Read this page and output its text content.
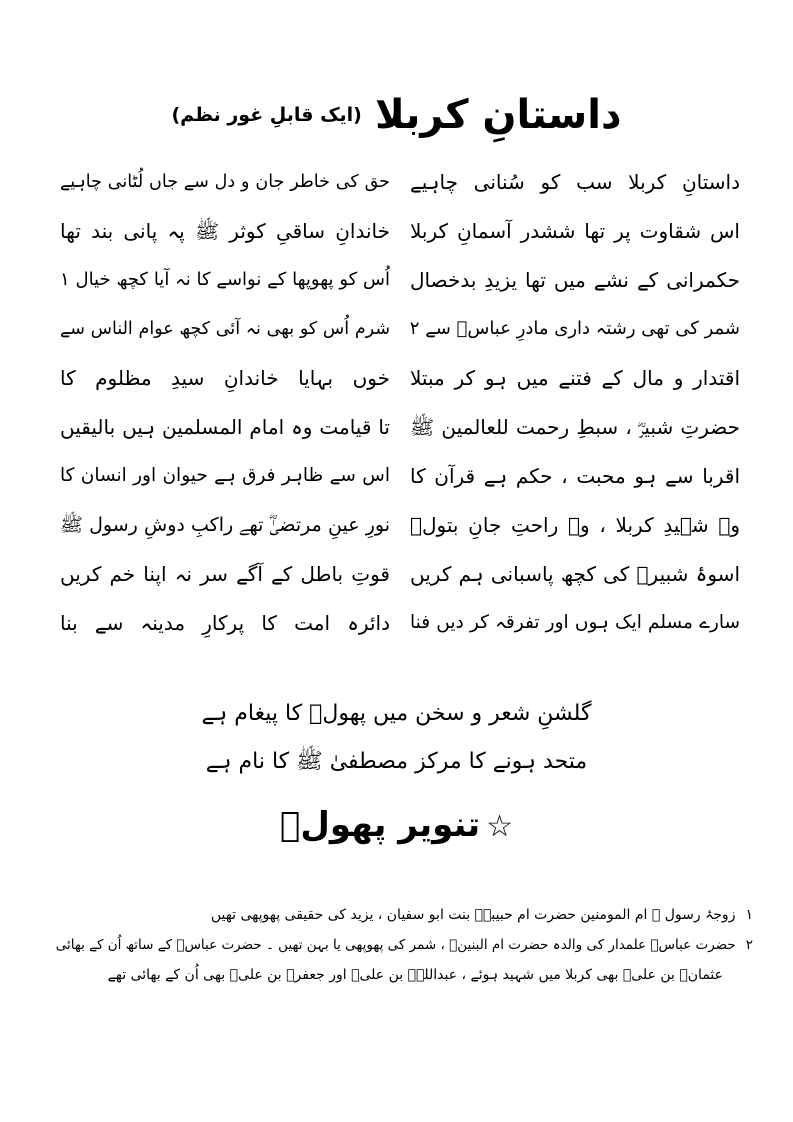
داستانِ کربلا (ایک قابلِ غور نظم)
داستانِ کربلا سب کو سُنانی چاہیے
حق کی خاطر جان و دل سے جاں لُٹانی چاہیے
اس شقاوت پر تھا ششدر آسمانِ کربلا
خاندانِ ساقیِ کوثر ﷺ پہ پانی بند تھا
حکمرانی کے نشے میں تھا یزیدِ بدخصال
اُس کو پھوپھا کے نواسے کا نہ آیا کچھ خیال ۱
شمر کی تھی رشتہ داری مادرِ عباسؓ سے ۲
شرم اُس کو بھی نہ آئی کچھ عوام الناس سے
اقتدار و مال کے فتنے میں ہو کر مبتلا
خوں بہایا خاندانِ سیدِ مظلوم کا
حضرتِ شبیرؓ ، سبطِ رحمت للعالمین ﷺ
تا قیامت وہ امام المسلمین ہیں بالیقیں
اقربا سے ہو محبت ، حکم ہے قرآن کا
اس سے ظاہر فرق ہے حیوان اور انسان کا
وہ شہیدِ کربلا ، وہ راحتِ جانِ بتولؓ
نورِ عینِ مرتضیٰؓ تھے راکبِ دوشِ رسول ﷺ
اسوۂ شبیرؓ کی کچھ پاسبانی ہم کریں
قوتِ باطل کے آگے سر نہ اپنا خم کریں
سارے مسلم ایک ہوں اور تفرقہ کر دیں فنا
دائرہ امت کا پرکارِ مدینہ سے بنا
گلشنِ شعر و سخن میں پھولؔ کا پیغام ہے
متحد ہونے کا مرکز مصطفیٰ ﷺ کا نام ہے
☆تنویر پھولؔ
۱زوجۂ رسول ﷺ ام المومنین حضرت ام حبیبہؓ بنت ابو سفیان ، یزید کی حقیقی پھوپھی تھیں
۲حضرت عباسؓ علمدار کی والدہ حضرت ام البنینؓ ، شمر کی پھوپھی یا بہن تھیں ۔ حضرت عباسؓ کے ساتھ اُن کے بھائی
عثمانؓ بن علیؓ بھی کربلا میں شہید ہوئے ، عبداللہؓ بن علیؓ اور جعفرؓ بن علیؓ بھی اُن کے بھائی تھے
